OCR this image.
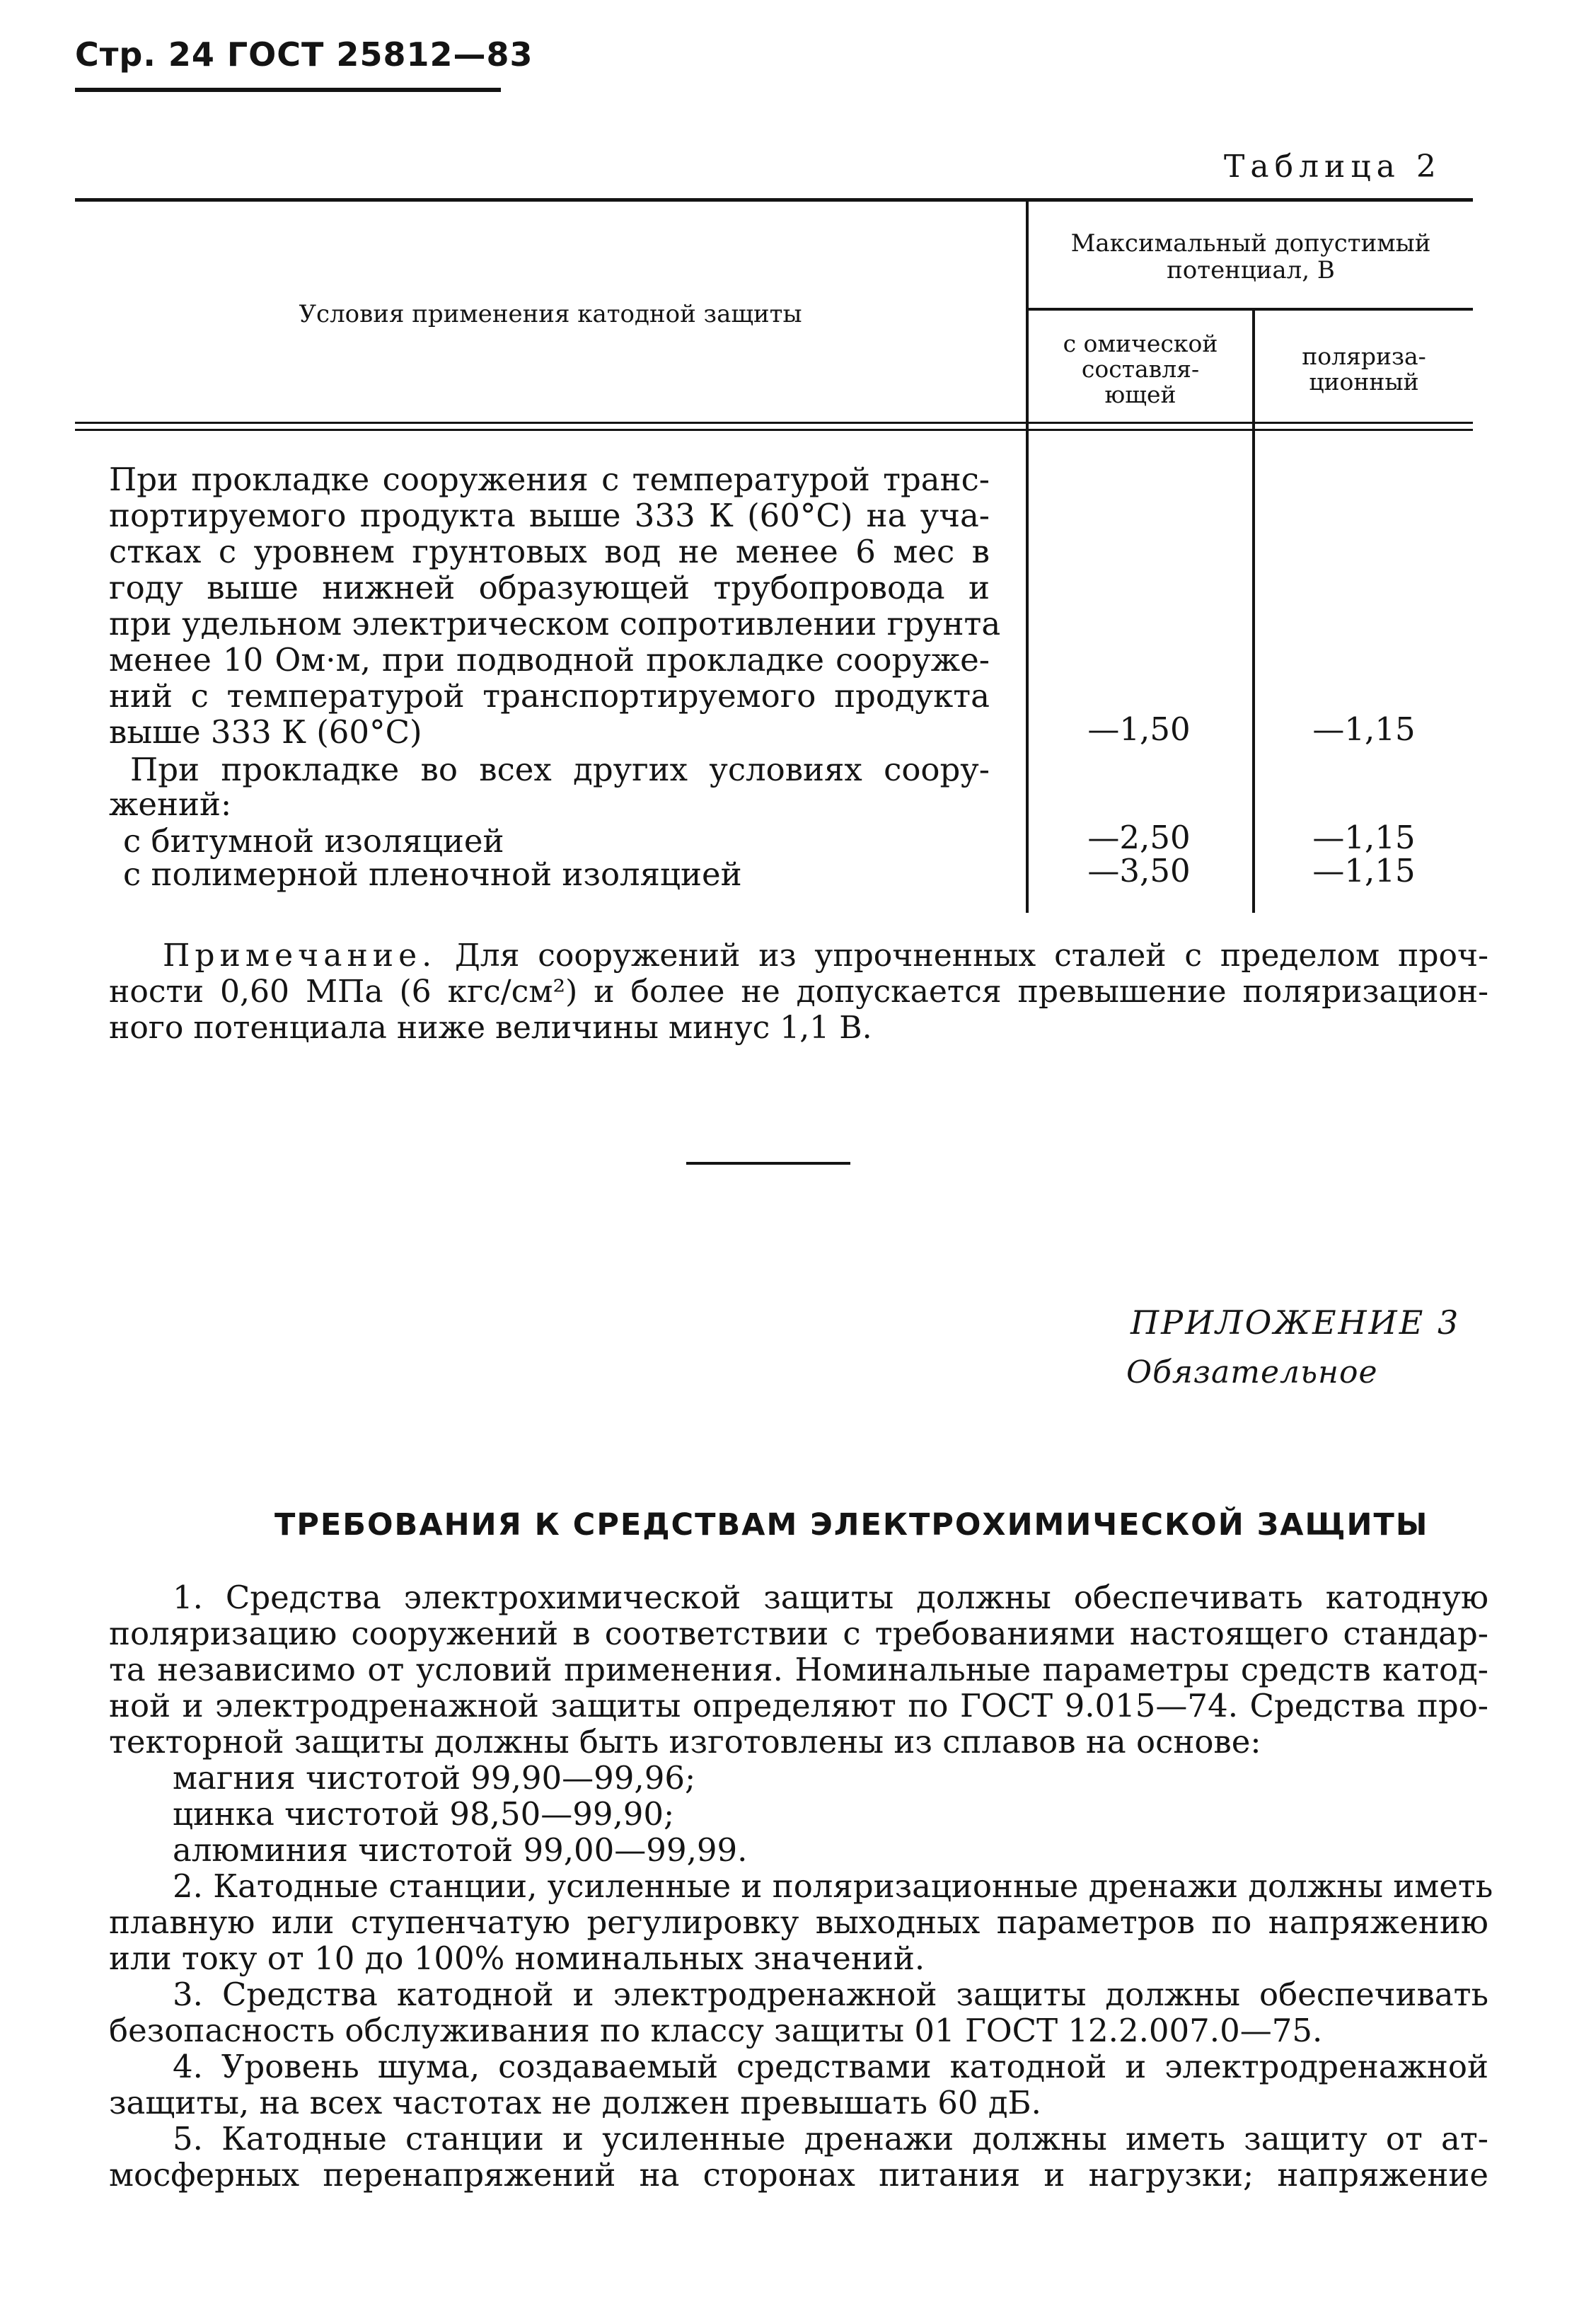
Стр. 24 ГОСТ 25812—83
Таблица 2
Условия применения катодной защиты
Максимальный допустимый
потенциал, В
с омической
составля-
ющей
поляриза-
ционный
При прокладке сооружения с температурой транс-
портируемого продукта выше 333 К (60°С) на уча-
стках с уровнем грунтовых вод не менее 6 мес в
году выше нижней образующей трубопровода и
при удельном электрическом сопротивлении грунта
менее 10 Ом·м, при подводной прокладке сооруже-
ний с температурой транспортируемого продукта
выше 333 К (60°С)	—1,50	—1,15
При прокладке во всех других условиях соору-
жений:
с битумной изоляцией	—2,50	—1,15
с полимерной пленочной изоляцией	—3,50	—1,15
Примечание. Для сооружений из упрочненных сталей с пределом проч-
ности 0,60 МПа (6 кгс/см²) и более не допускается превышение поляризацион-
ного потенциала ниже величины минус 1,1 В.
ПРИЛОЖЕНИЕ 3
Обязательное
ТРЕБОВАНИЯ К СРЕДСТВАМ ЭЛЕКТРОХИМИЧЕСКОЙ ЗАЩИТЫ
1. Средства электрохимической защиты должны обеспечивать катодную
поляризацию сооружений в соответствии с требованиями настоящего стандар-
та независимо от условий применения. Номинальные параметры средств катод-
ной и электродренажной защиты определяют по ГОСТ 9.015—74. Средства про-
текторной защиты должны быть изготовлены из сплавов на основе:
магния чистотой 99,90—99,96;
цинка чистотой 98,50—99,90;
алюминия чистотой 99,00—99,99.
2. Катодные станции, усиленные и поляризационные дренажи должны иметь
плавную или ступенчатую регулировку выходных параметров по напряжению
или току от 10 до 100% номинальных значений.
3. Средства катодной и электродренажной защиты должны обеспечивать
безопасность обслуживания по классу защиты 01 ГОСТ 12.2.007.0—75.
4. Уровень шума, создаваемый средствами катодной и электродренажной
защиты, на всех частотах не должен превышать 60 дБ.
5. Катодные станции и усиленные дренажи должны иметь защиту от ат-
мосферных перенапряжений на сторонах питания и нагрузки; напряжение
